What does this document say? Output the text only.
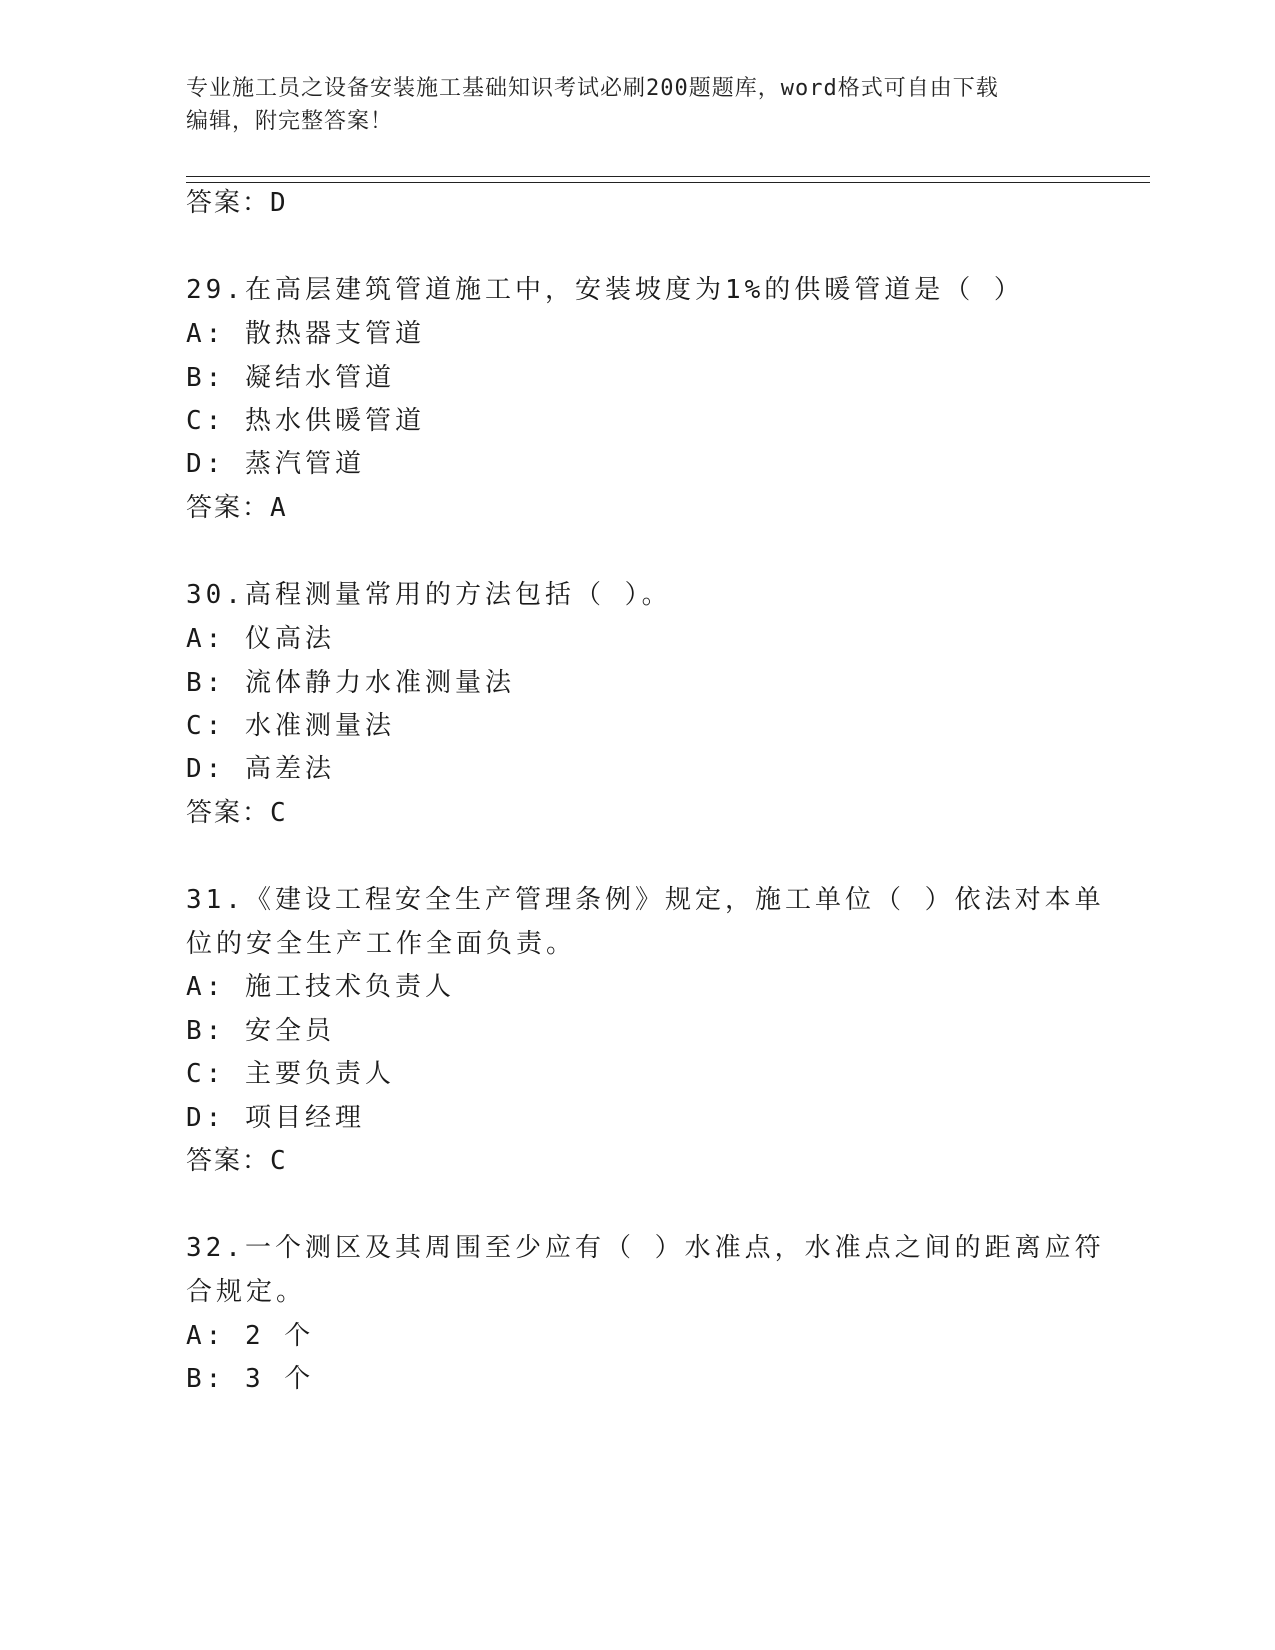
专业施工员之设备安装施工基础知识考试必刷200题题库，word格式可自由下载
编辑，附完整答案！
答案：D
29.在高层建筑管道施工中，安装坡度为1%的供暖管道是（ ）
A: 散热器支管道
B: 凝结水管道
C: 热水供暖管道
D: 蒸汽管道
答案：A
30.高程测量常用的方法包括（ ）。
A: 仪高法
B: 流体静力水准测量法
C: 水准测量法
D: 高差法
答案：C
31.《建设工程安全生产管理条例》规定，施工单位（ ）依法对本单
位的安全生产工作全面负责。
A: 施工技术负责人
B: 安全员
C: 主要负责人
D: 项目经理
答案：C
32.一个测区及其周围至少应有（ ）水准点，水准点之间的距离应符
合规定。
A: 2 个
B: 3 个
